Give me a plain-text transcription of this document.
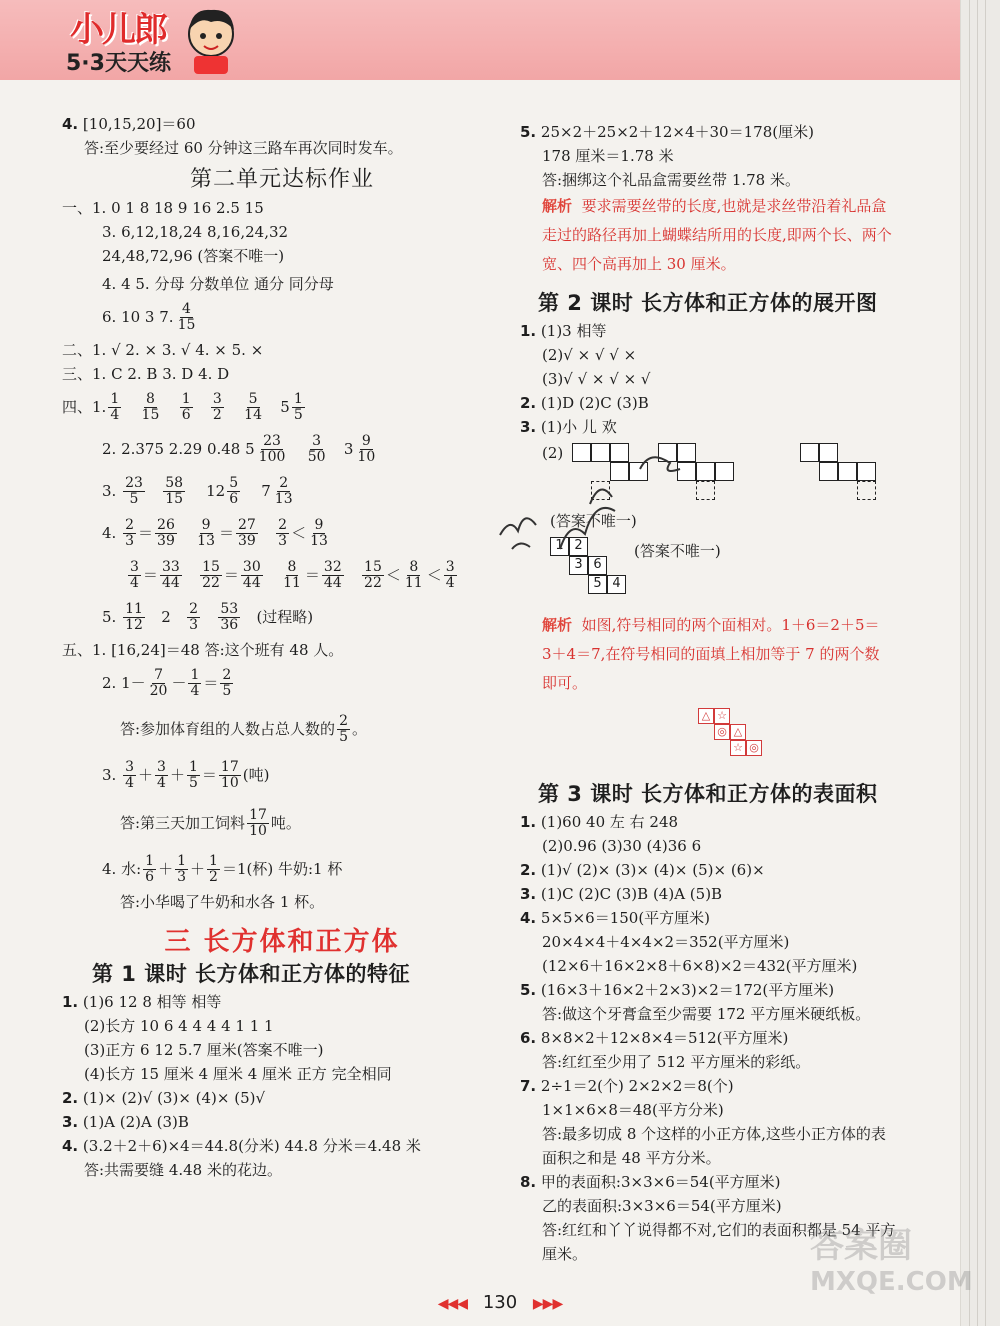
小儿郎
5·3天天练
4. [10,15,20]＝60
答:至少要经过 60 分钟这三路车再次同时发车。
第二单元达标作业
一、1. 0 1 8 18 9 16 2.5 15
3. 6,12,18,24 8,16,24,32
24,48,72,96 (答案不唯一)
4. 4 5. 分母 分数单位 通分 同分母
6. 10 3 7. $\frac{4}{15}$
二、1. √ 2. × 3. √ 4. × 5. ×
三、1. C 2. B 3. D 4. D
四、1. $\frac{1}{4}$
$\frac{8}{15}$
$\frac{1}{6}$
$\frac{3}{2}$
$\frac{5}{14} 5 \frac{1}{5}$
2. 2.375 2.29 0.48 $5 \frac{23}{100}$
$\frac{3}{50} 3 \frac{9}{10}$
3.
$\frac{23}{5}$
$\frac{58}{15} 12 \frac{5}{6} 7 \frac{2}{13}$
4.
$\frac{2}{3} = \frac{26}{39}$
$\frac{9}{13} = \frac{27}{39}$
$\frac{2}{3} < \frac{9}{13}$
$\frac{3}{4} = \frac{33}{44}$
$\frac{15}{22} = \frac{30}{44}$
$\frac{8}{11} = \frac{32}{44}$
$\frac{15}{22} < \frac{8}{11} < \frac{3}{4}$
5.
$\frac{11}{12} 2 \frac{2}{3}$
$\frac{53}{36}$
(过程略)
五、1. [16,24]＝48 答:这个班有 48 人。
2. $1- \frac{7}{20} - \frac{1}{4} = \frac{2}{5}$
答:参加体育组的人数占总人数的 $\frac{2}{5}$ 。
3.
$\frac{3}{4} + \frac{3}{4} + \frac{1}{5} = \frac{17}{10}$ (吨)
答:第三天加工饲料 $\frac{17}{10}$ 吨。
4. 水: $\frac{1}{6} + \frac{1}{3} + \frac{1}{2} =1$(杯) 牛奶:1 杯
答:小华喝了牛奶和水各 1 杯。
三 长方体和正方体
第 1 课时 长方体和正方体的特征
1. (1)6 12 8 相等 相等
(2)长方 10 6 4 4 4 4 1 1 1
(3)正方 6 12 5.7 厘米(答案不唯一)
(4)长方 15 厘米 4 厘米 4 厘米 正方 完全相同
2. (1)× (2)√ (3)× (4)× (5)√
3. (1)A (2)A (3)B
4. (3.2＋2＋6)×4＝44.8(分米) 44.8 分米＝4.48 米
答:共需要缝 4.48 米的花边。
5. 25×2＋25×2＋12×4＋30＝178(厘米)
178 厘米＝1.78 米
答:捆绑这个礼品盒需要丝带 1.78 米。
解析 要求需要丝带的长度,也就是求丝带沿着礼品盒
走过的路径再加上蝴蝶结所用的长度,即两个长、两个
宽、四个高再加上 30 厘米。
第 2 课时 长方体和正方体的展开图
1. (1)3 相等
(2)√ × √ √ ×
(3)√ √ × √ × √
2. (1)D (2)C (3)B
3. (1)小 儿 欢
(2)
(答案不唯一)
1 2
3 6
5 4
(答案不唯一)
解析 如图,符号相同的两个面相对。1＋6＝2＋5＝
3＋4＝7,在符号相同的面填上相加等于 7 的两个数
即可。
△ ☆
◎ △
☆ ◎
第 3 课时 长方体和正方体的表面积
1. (1)60 40 左 右 248
(2)0.96 (3)30 (4)36 6
2. (1)√ (2)× (3)× (4)× (5)× (6)×
3. (1)C (2)C (3)B (4)A (5)B
4. 5×5×6＝150(平方厘米)
20×4×4＋4×4×2＝352(平方厘米)
(12×6＋16×2×8＋6×8)×2＝432(平方厘米)
5. (16×3＋16×2＋2×3)×2＝172(平方厘米)
答:做这个牙膏盒至少需要 172 平方厘米硬纸板。
6. 8×8×2＋12×8×4＝512(平方厘米)
答:红红至少用了 512 平方厘米的彩纸。
7. 2÷1＝2(个) 2×2×2＝8(个)
1×1×6×8＝48(平方分米)
答:最多切成 8 个这样的小正方体,这些小正方体的表
面积之和是 48 平方分米。
8. 甲的表面积:3×3×6＝54(平方厘米)
乙的表面积:3×3×6＝54(平方厘米)
答:红红和丫丫说得都不对,它们的表面积都是 54 平方
厘米。
◀◀◀ 130 ▶▶▶
答案圈
MXQE.COM
